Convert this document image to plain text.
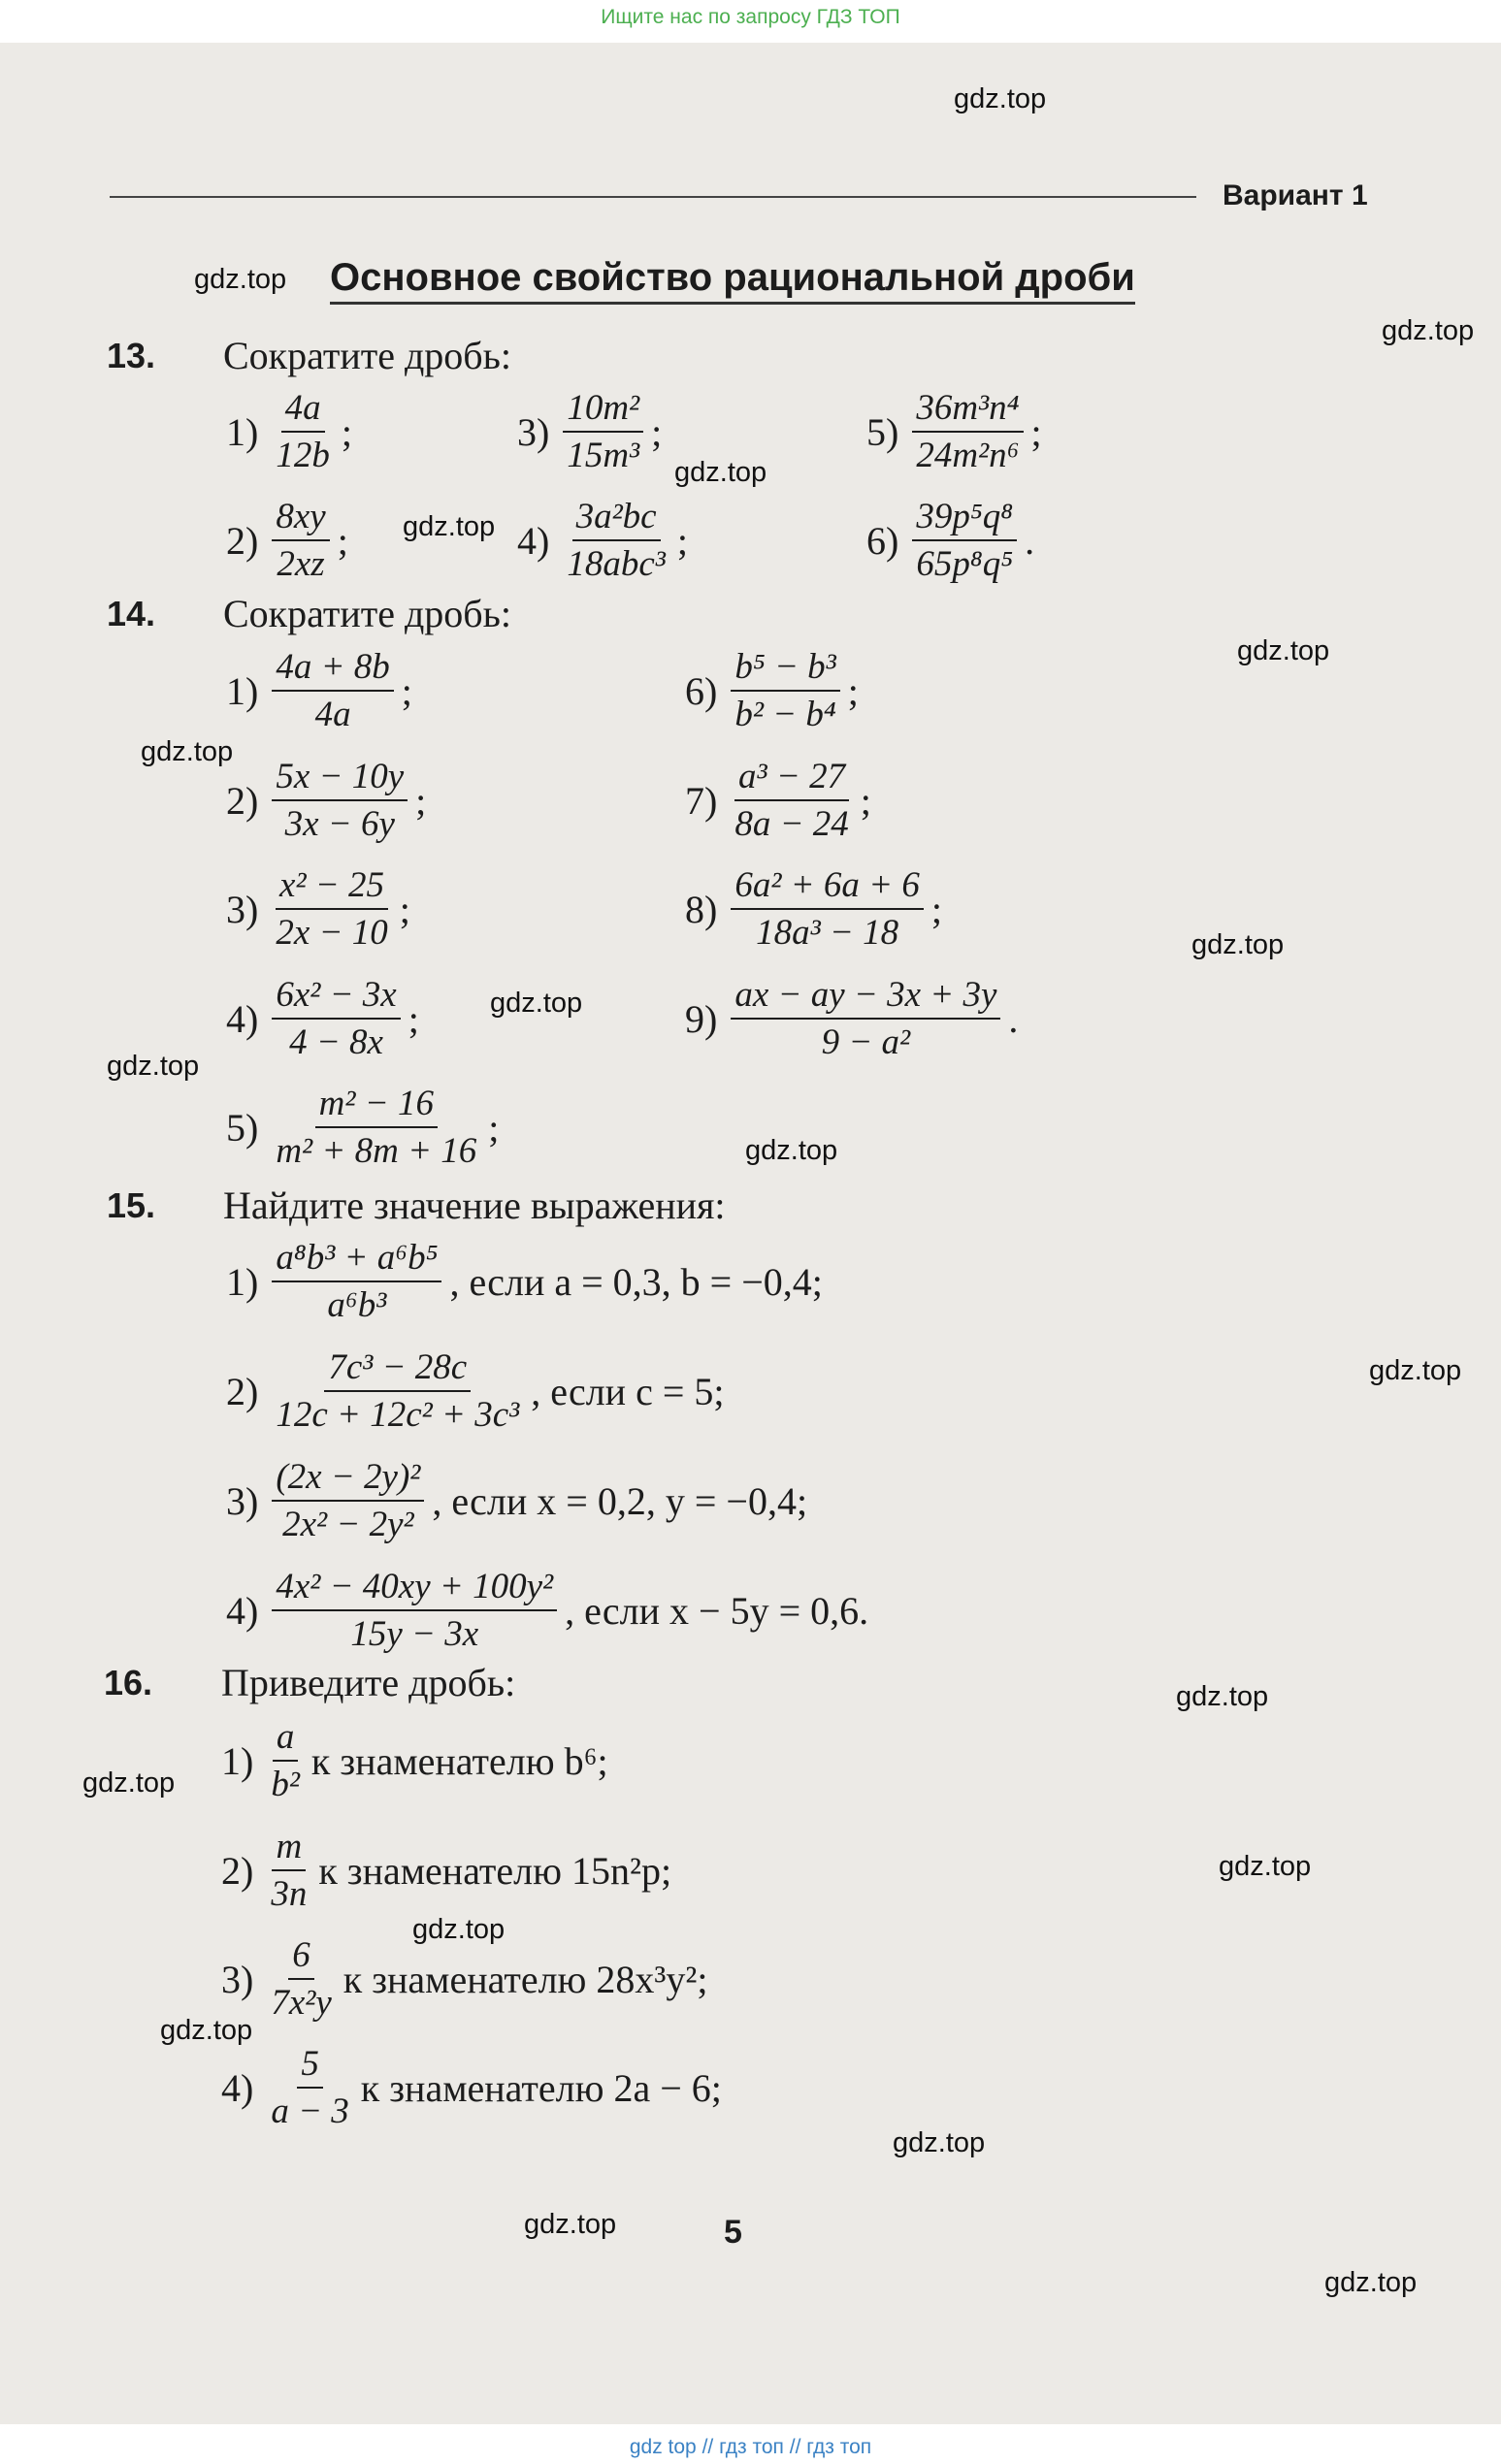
Ищите нас по запросу ГДЗ ТОП
Вариант 1
Основное свойство рациональной дроби
13. Сократите дробь:
$1) \frac{4a}{12b}$ ;
$2) \frac{8xy}{2xz}$ ;
$3) \frac{\text{10m²}}{\text{15m³}}$ ;
$4) \frac{\text{3a²bc}}{\text{18abc³}}$ ;
$5) \frac{\text{36m³n⁴}}{\text{24m²n⁶}}$ ;
$6) \frac{\text{39p⁵q⁸}}{\text{65p⁸q⁵}}$ .
14. Сократите дробь:
$1) \frac{4a + 8b}{4a}$ ;
$2) \frac{5x - 10y}{3x - 6y}$ ;
$3) \frac{\text{x² − 25}}{2x - 10}$ ;
$4) \frac{\text{6x² − 3x}}{4 - 8x}$ ;
$5) \frac{\text{m² − 16}}{\text{m² + 8m + 16}}$ ;
$6) \frac{\text{b⁵ − b³}}{\text{b² − b⁴}}$ ;
$7) \frac{\text{a³ − 27}}{8a - 24}$ ;
$8) \frac{\text{6a² + 6a + 6}}{\text{18a³ − 18}}$ ;
$9) \frac{ax - ay - 3x + 3y}{\text{9 − a²}}$ .
15. Найдите значение выражения:
$1) \frac{\text{a⁸b³ + a⁶b⁵}}{\text{a⁶b³}}$ , если a = 0,3, b = −0,4;
$2) \frac{\text{7c³ − 28c}}{\text{12c + 12c² + 3c³}}$ , если c = 5;
$3) \frac{\text{(2x − 2y)²}}{\text{2x² − 2y²}}$ , если x = 0,2, y = −0,4;
$4) \frac{\text{4x² − 40xy + 100y²}}{15y - 3x}$ , если x − 5y = 0,6.
16. Приведите дробь:
$1) \frac{a}{\text{b²}}$ к знаменателю b⁶;
$2) \frac{m}{3n}$ к знаменателю 15n²p;
$3) \frac{6}{\text{7x²y}}$ к знаменателю 28x³y²;
$4) \frac{5}{a - 3}$ к знаменателю 2a − 6;
5
gdz.top
gdz.top
gdz.top
gdz.top
gdz.top
gdz.top
gdz.top
gdz.top
gdz.top
gdz.top
gdz.top
gdz.top
gdz.top
gdz.top
gdz.top
gdz.top
gdz.top
gdz.top
gdz.top
gdz.top
gdz top // гдз топ // гдз топ
